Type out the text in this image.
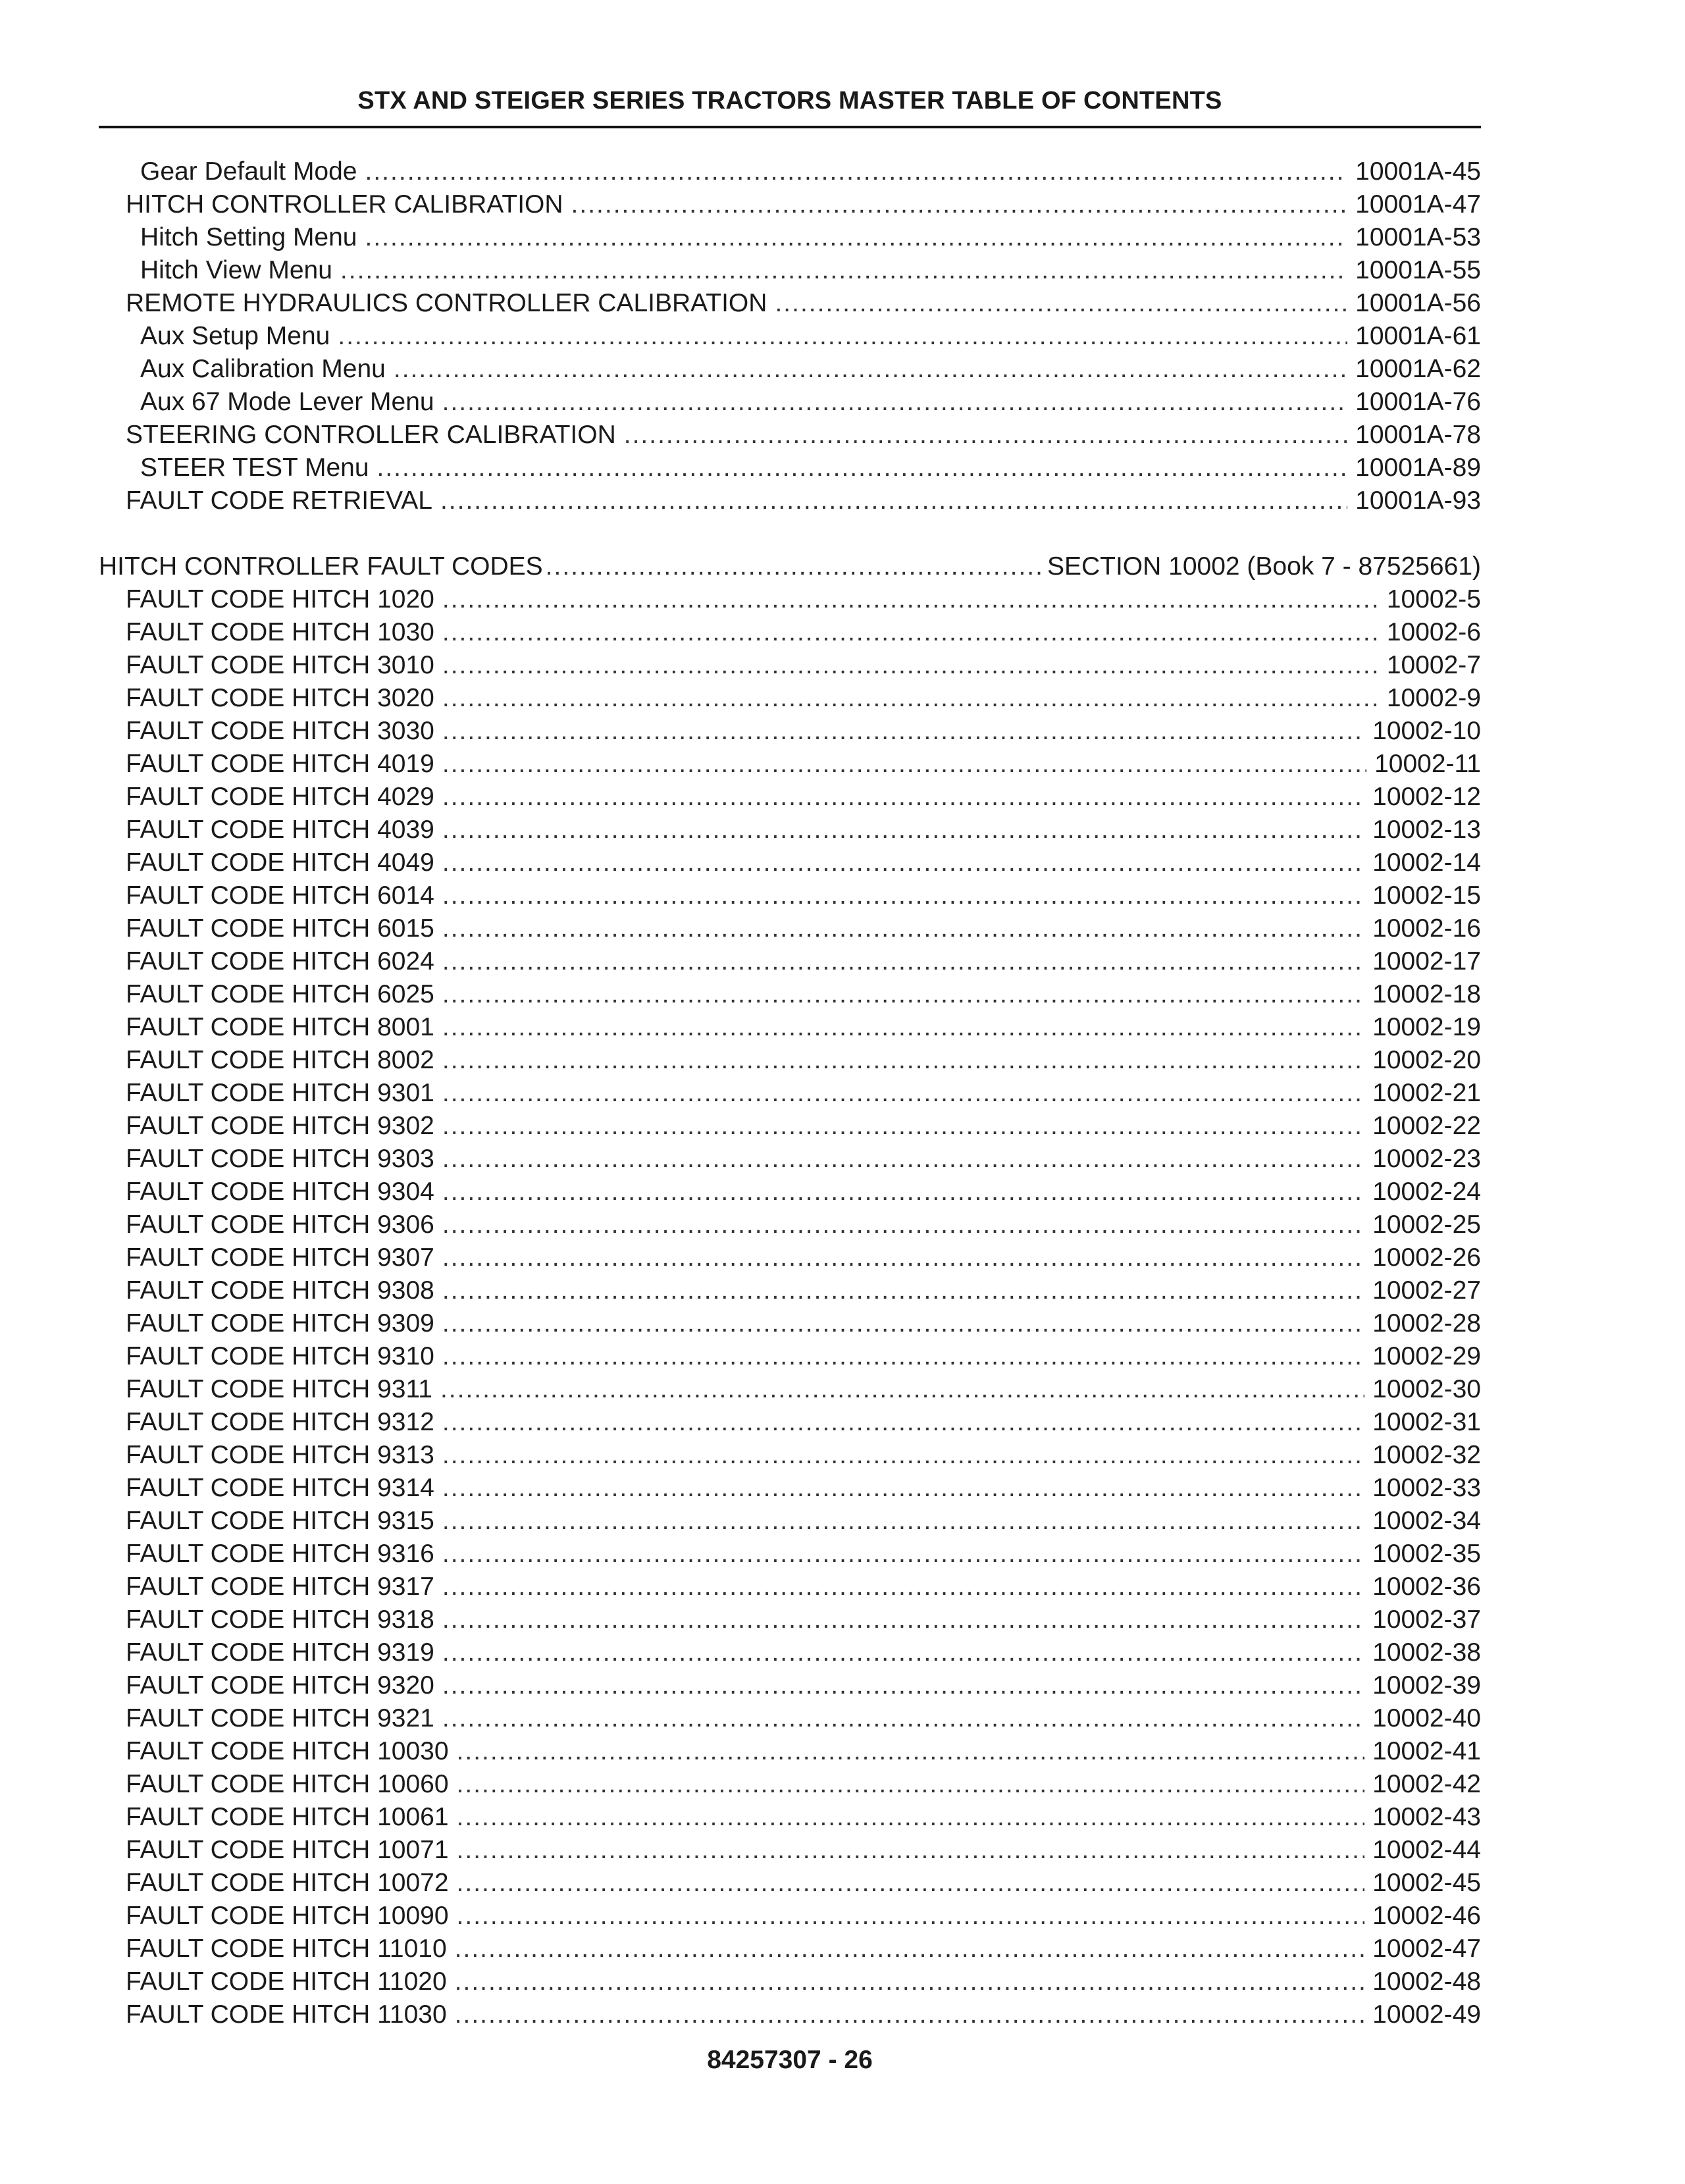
STX AND STEIGER SERIES TRACTORS MASTER TABLE OF CONTENTS
Gear Default Mode .....	10001A-45
HITCH CONTROLLER CALIBRATION .....	10001A-47
Hitch Setting Menu .....	10001A-53
Hitch View Menu .....	10001A-55
REMOTE HYDRAULICS CONTROLLER CALIBRATION .....	10001A-56
Aux Setup Menu .....	10001A-61
Aux Calibration Menu .....	10001A-62
Aux 67 Mode Lever Menu .....	10001A-76
STEERING CONTROLLER CALIBRATION .....	10001A-78
STEER TEST Menu .....	10001A-89
FAULT CODE RETRIEVAL .....	10001A-93
HITCH CONTROLLER FAULT CODES .....	SECTION 10002 (Book 7 - 87525661)
FAULT CODE HITCH 1020 .....	10002-5
FAULT CODE HITCH 1030 .....	10002-6
FAULT CODE HITCH 3010 .....	10002-7
FAULT CODE HITCH 3020 .....	10002-9
FAULT CODE HITCH 3030 .....	10002-10
FAULT CODE HITCH 4019 .....	10002-11
FAULT CODE HITCH 4029 .....	10002-12
FAULT CODE HITCH 4039 .....	10002-13
FAULT CODE HITCH 4049 .....	10002-14
FAULT CODE HITCH 6014 .....	10002-15
FAULT CODE HITCH 6015 .....	10002-16
FAULT CODE HITCH 6024 .....	10002-17
FAULT CODE HITCH 6025 .....	10002-18
FAULT CODE HITCH 8001 .....	10002-19
FAULT CODE HITCH 8002 .....	10002-20
FAULT CODE HITCH 9301 .....	10002-21
FAULT CODE HITCH 9302 .....	10002-22
FAULT CODE HITCH 9303 .....	10002-23
FAULT CODE HITCH 9304 .....	10002-24
FAULT CODE HITCH 9306 .....	10002-25
FAULT CODE HITCH 9307 .....	10002-26
FAULT CODE HITCH 9308 .....	10002-27
FAULT CODE HITCH 9309 .....	10002-28
FAULT CODE HITCH 9310 .....	10002-29
FAULT CODE HITCH 9311 .....	10002-30
FAULT CODE HITCH 9312 .....	10002-31
FAULT CODE HITCH 9313 .....	10002-32
FAULT CODE HITCH 9314 .....	10002-33
FAULT CODE HITCH 9315 .....	10002-34
FAULT CODE HITCH 9316 .....	10002-35
FAULT CODE HITCH 9317 .....	10002-36
FAULT CODE HITCH 9318 .....	10002-37
FAULT CODE HITCH 9319 .....	10002-38
FAULT CODE HITCH 9320 .....	10002-39
FAULT CODE HITCH 9321 .....	10002-40
FAULT CODE HITCH 10030 .....	10002-41
FAULT CODE HITCH 10060 .....	10002-42
FAULT CODE HITCH 10061 .....	10002-43
FAULT CODE HITCH 10071 .....	10002-44
FAULT CODE HITCH 10072 .....	10002-45
FAULT CODE HITCH 10090 .....	10002-46
FAULT CODE HITCH 11010 .....	10002-47
FAULT CODE HITCH 11020 .....	10002-48
FAULT CODE HITCH 11030 .....	10002-49
84257307 - 26
